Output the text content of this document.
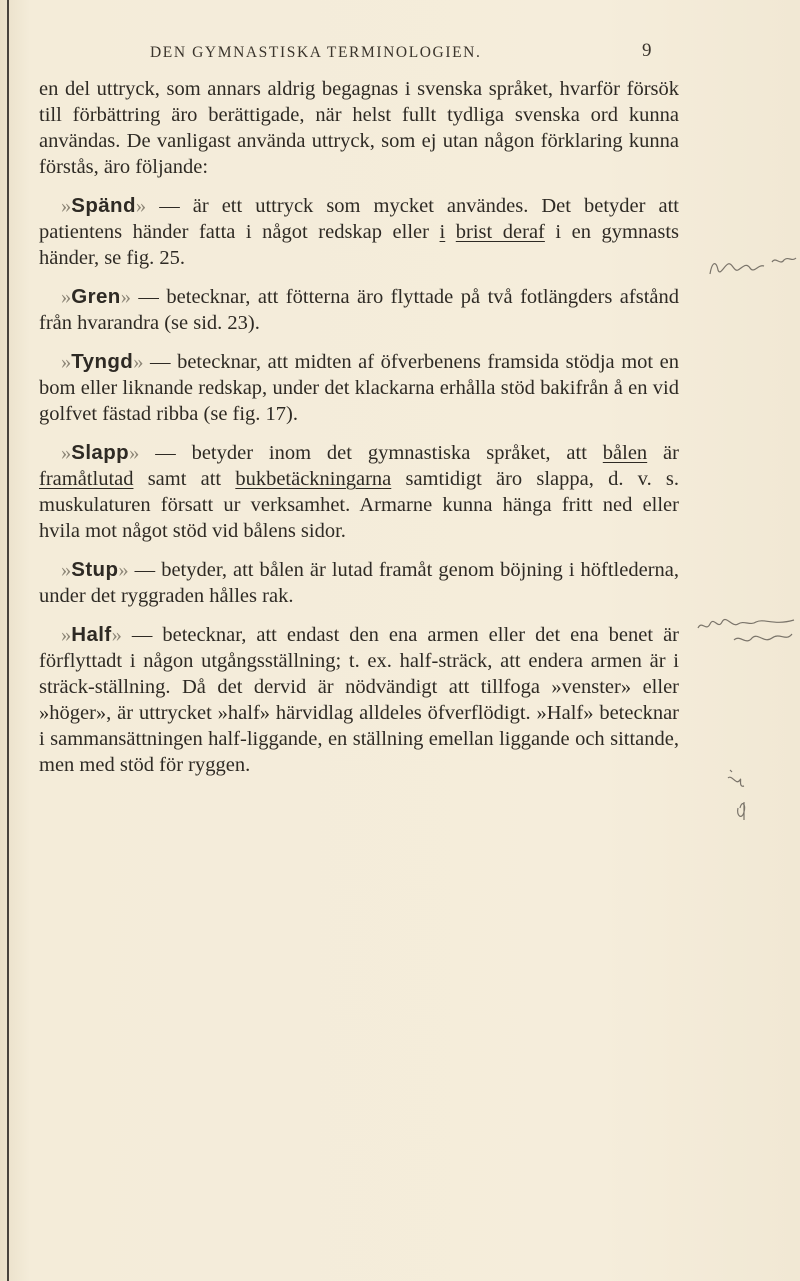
DEN GYMNASTISKA TERMINOLOGIEN.	9

en del uttryck, som annars aldrig begagnas i svenska språket, hvarför försök till förbättring äro berättigade, när helst fullt tydliga svenska ord kunna användas. De vanligast använda uttryck, som ej utan någon förklaring kunna förstås, äro följande:

»Spänd» — är ett uttryck som mycket användes. Det betyder att patientens händer fatta i något redskap eller i brist deraf i en gymnasts händer, se fig. 25.

»Gren» — betecknar, att fötterna äro flyttade på två fotlängders afstånd från hvarandra (se sid. 23).

»Tyngd» — betecknar, att midten af öfverbenens framsida stödja mot en bom eller liknande redskap, under det klackarna erhålla stöd bakifrån å en vid golfvet fästad ribba (se fig. 17).

»Slapp» — betyder inom det gymnastiska språket, att bålen är framåtlutad samt att bukbetäckningarna samtidigt äro slappa, d. v. s. muskulaturen försatt ur verksamhet. Armarne kunna hänga fritt ned eller hvila mot något stöd vid bålens sidor.

»Stup» — betyder, att bålen är lutad framåt genom böjning i höftlederna, under det ryggraden hålles rak.

»Half» — betecknar, att endast den ena armen eller det ena benet är förflyttadt i någon utgångsställning; t. ex. half-sträck, att endera armen är i sträck-ställning. Då det dervid är nödvändigt att tillfoga »venster» eller »höger», är uttrycket »half» härvidlag alldeles öfverflödigt. »Half» betecknar i sammansättningen half-liggande, en ställning emellan liggande och sittande, men med stöd för ryggen.
